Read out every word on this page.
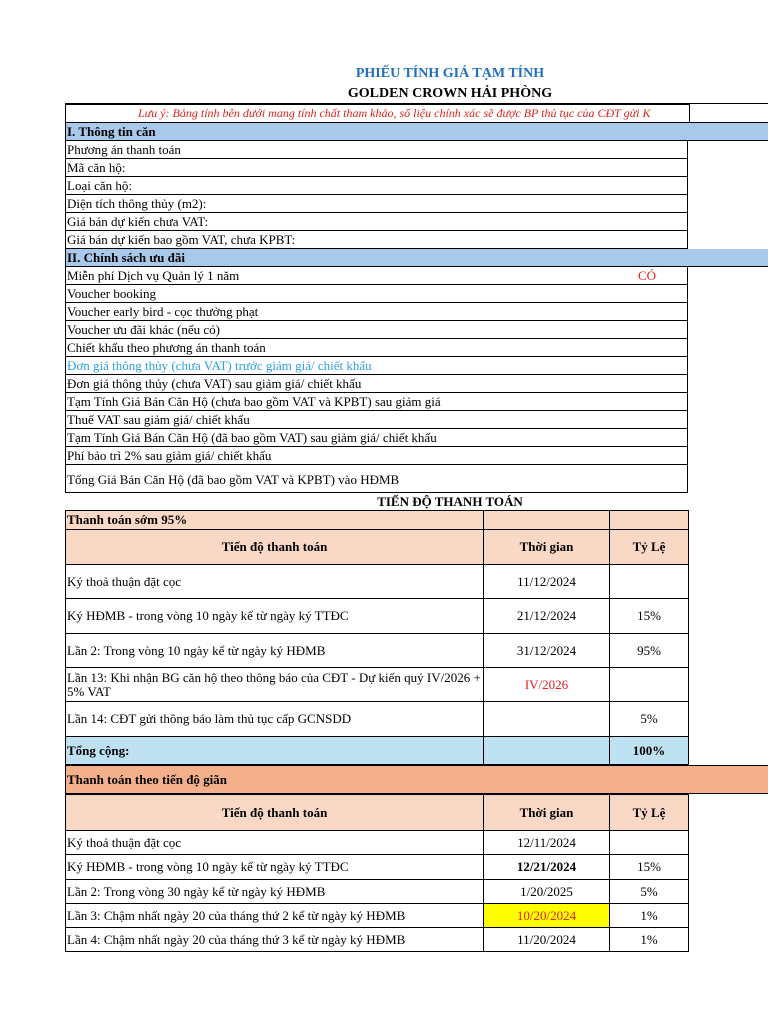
PHIẾU TÍNH GIÁ TẠM TÍNH
GOLDEN CROWN HẢI PHÒNG
Lưu ý: Bảng tính bên dưới mang tính chất tham khảo, số liệu chính xác sẽ được BP thủ tục của CĐT gửi K
I. Thông tin căn
Phương án thanh toán
Mã căn hộ:
Loại căn hộ:
Diện tích thông thủy (m2):
Giá bán dự kiến chưa VAT:
Giá bán dự kiến bao gồm VAT, chưa KPBT:
II. Chính sách ưu đãi
Miễn phí Dịch vụ Quản lý 1 năm	CÓ
Voucher booking
Voucher early bird - cọc thưởng phạt
Voucher ưu đãi khác (nếu có)
Chiết khấu theo phương án thanh toán
Đơn giá thông thủy (chưa VAT) trước giảm giá/ chiết khấu
Đơn giá thông thủy (chưa VAT) sau giảm giá/ chiết khấu
Tạm Tính Giá Bán Căn Hộ (chưa bao gồm VAT và KPBT) sau giảm giá
Thuế VAT sau giảm giá/ chiết khấu
Tạm Tính Giá Bán Căn Hộ (đã bao gồm VAT) sau giảm giá/ chiết khấu
Phí bảo trì 2% sau giảm giá/ chiết khấu
Tổng Giá Bán Căn Hộ (đã bao gồm VAT và KPBT) vào HĐMB
TIẾN ĐỘ THANH TOÁN
Thanh toán sớm 95%		
Tiến độ thanh toán	Thời gian	Tỷ Lệ
Ký thoả thuận đặt cọc	11/12/2024	
Ký HĐMB - trong vòng 10 ngày kể từ ngày ký TTĐC	21/12/2024	15%
Lần 2: Trong vòng 10 ngày kể từ ngày ký HĐMB	31/12/2024	95%
Lần 13: Khi nhận BG căn hộ theo thông báo của CĐT - Dự kiến quý IV/2026 + 5% VAT	IV/2026	
Lần 14: CĐT gửi thông báo làm thủ tục cấp GCNSDD		5%
Tổng cộng:		100%
Thanh toán theo tiến độ giãn
Tiến độ thanh toán	Thời gian	Tỷ Lệ
Ký thoả thuận đặt cọc	12/11/2024	
Ký HĐMB - trong vòng 10 ngày kể từ ngày ký TTĐC	12/21/2024	15%
Lần 2: Trong vòng 30 ngày kể từ ngày ký HĐMB	1/20/2025	5%
Lần 3: Chậm nhất ngày 20 của tháng thứ 2 kể từ ngày ký HĐMB	10/20/2024	1%
Lần 4: Chậm nhất ngày 20 của tháng thứ 3 kể từ ngày ký HĐMB	11/20/2024	1%
